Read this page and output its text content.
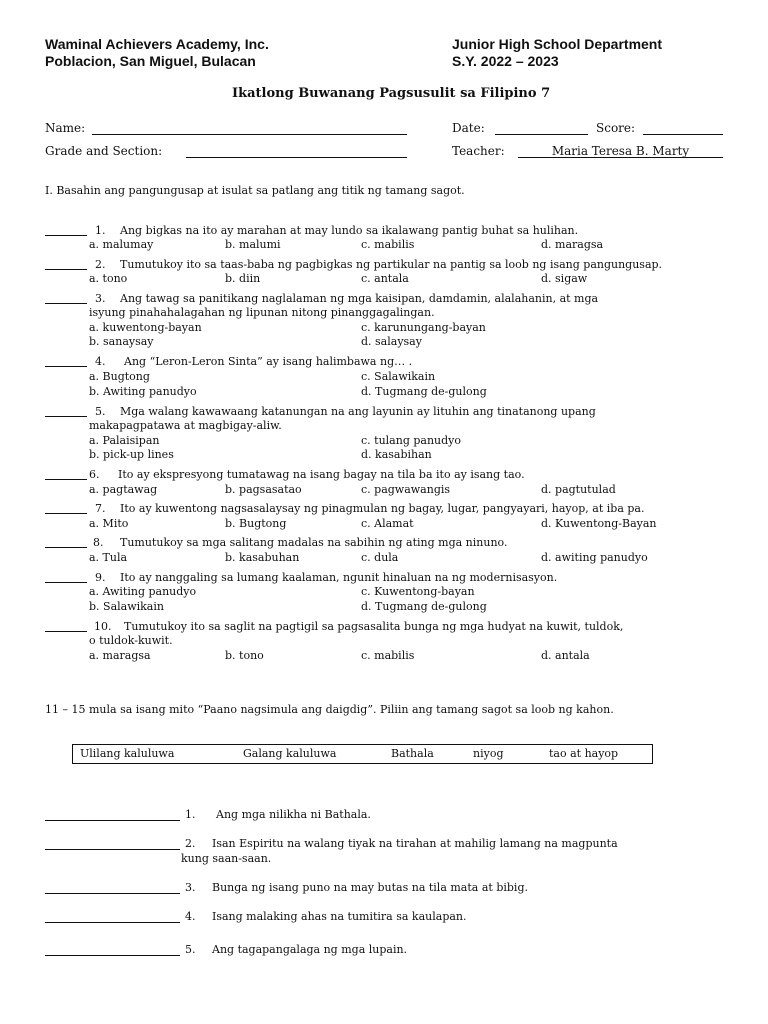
Waminal Achievers Academy, Inc.
Poblacion, San Miguel, Bulacan
Junior High School Department
S.Y. 2022 – 2023
Ikatlong Buwanang Pagsusulit sa Filipino 7
Name:	Date:	Score:
Grade and Section:	Teacher:	Maria Teresa B. Marty
I. Basahin ang pangungusap at isulat sa patlang ang titik ng tamang sagot.
1. Ang bigkas na ito ay marahan at may lundo sa ikalawang pantig buhat sa hulihan.
a. malumay	b. malumi	c. mabilis	d. maragsa
2. Tumutukoy ito sa taas-baba ng pagbigkas ng partikular na pantig sa loob ng isang pangungusap.
a. tono	b. diin	c. antala	d. sigaw
3. Ang tawag sa panitikang naglalaman ng mga kaisipan, damdamin, alalahanin, at mga
isyung pinahahalagahan ng lipunan nitong pinanggagalingan.
a. kuwentong-bayan
b. sanaysay
c. karunungang-bayan
d. salaysay
4. Ang “Leron-Leron Sinta” ay isang halimbawa ng… .
a. Bugtong
b. Awiting panudyo
c. Salawikain
d. Tugmang de-gulong
5. Mga walang kawawaang katanungan na ang layunin ay lituhin ang tinatanong upang
makapagpatawa at magbigay-aliw.
a. Palaisipan
b. pick-up lines
c. tulang panudyo
d. kasabihan
6. Ito ay ekspresyong tumatawag na isang bagay na tila ba ito ay isang tao.
a. pagtawag	b. pagsasatao	c. pagwawangis	d. pagtutulad
7. Ito ay kuwentong nagsasalaysay ng pinagmulan ng bagay, lugar, pangyayari, hayop, at iba pa.
a. Mito	b. Bugtong	c. Alamat	d. Kuwentong-Bayan
8. Tumutukoy sa mga salitang madalas na sabihin ng ating mga ninuno.
a. Tula	b. kasabuhan	c. dula	d. awiting panudyo
9. Ito ay nanggaling sa lumang kaalaman, ngunit hinaluan na ng modernisasyon.
a. Awiting panudyo
b. Salawikain
c. Kuwentong-bayan
d. Tugmang de-gulong
10. Tumutukoy ito sa saglit na pagtigil sa pagsasalita bunga ng mga hudyat na kuwit, tuldok,
o tuldok-kuwit.
a. maragsa	b. tono	c. mabilis	d. antala
11 – 15 mula sa isang mito “Paano nagsimula ang daigdig”. Piliin ang tamang sagot sa loob ng kahon.
Ulilang kaluluwa	Galang kaluluwa	Bathala	niyog	tao at hayop
1. Ang mga nilikha ni Bathala.
2. Isan Espiritu na walang tiyak na tirahan at mahilig lamang na magpunta
kung saan-saan.
3. Bunga ng isang puno na may butas na tila mata at bibig.
4. Isang malaking ahas na tumitira sa kaulapan.
5. Ang tagapangalaga ng mga lupain.
